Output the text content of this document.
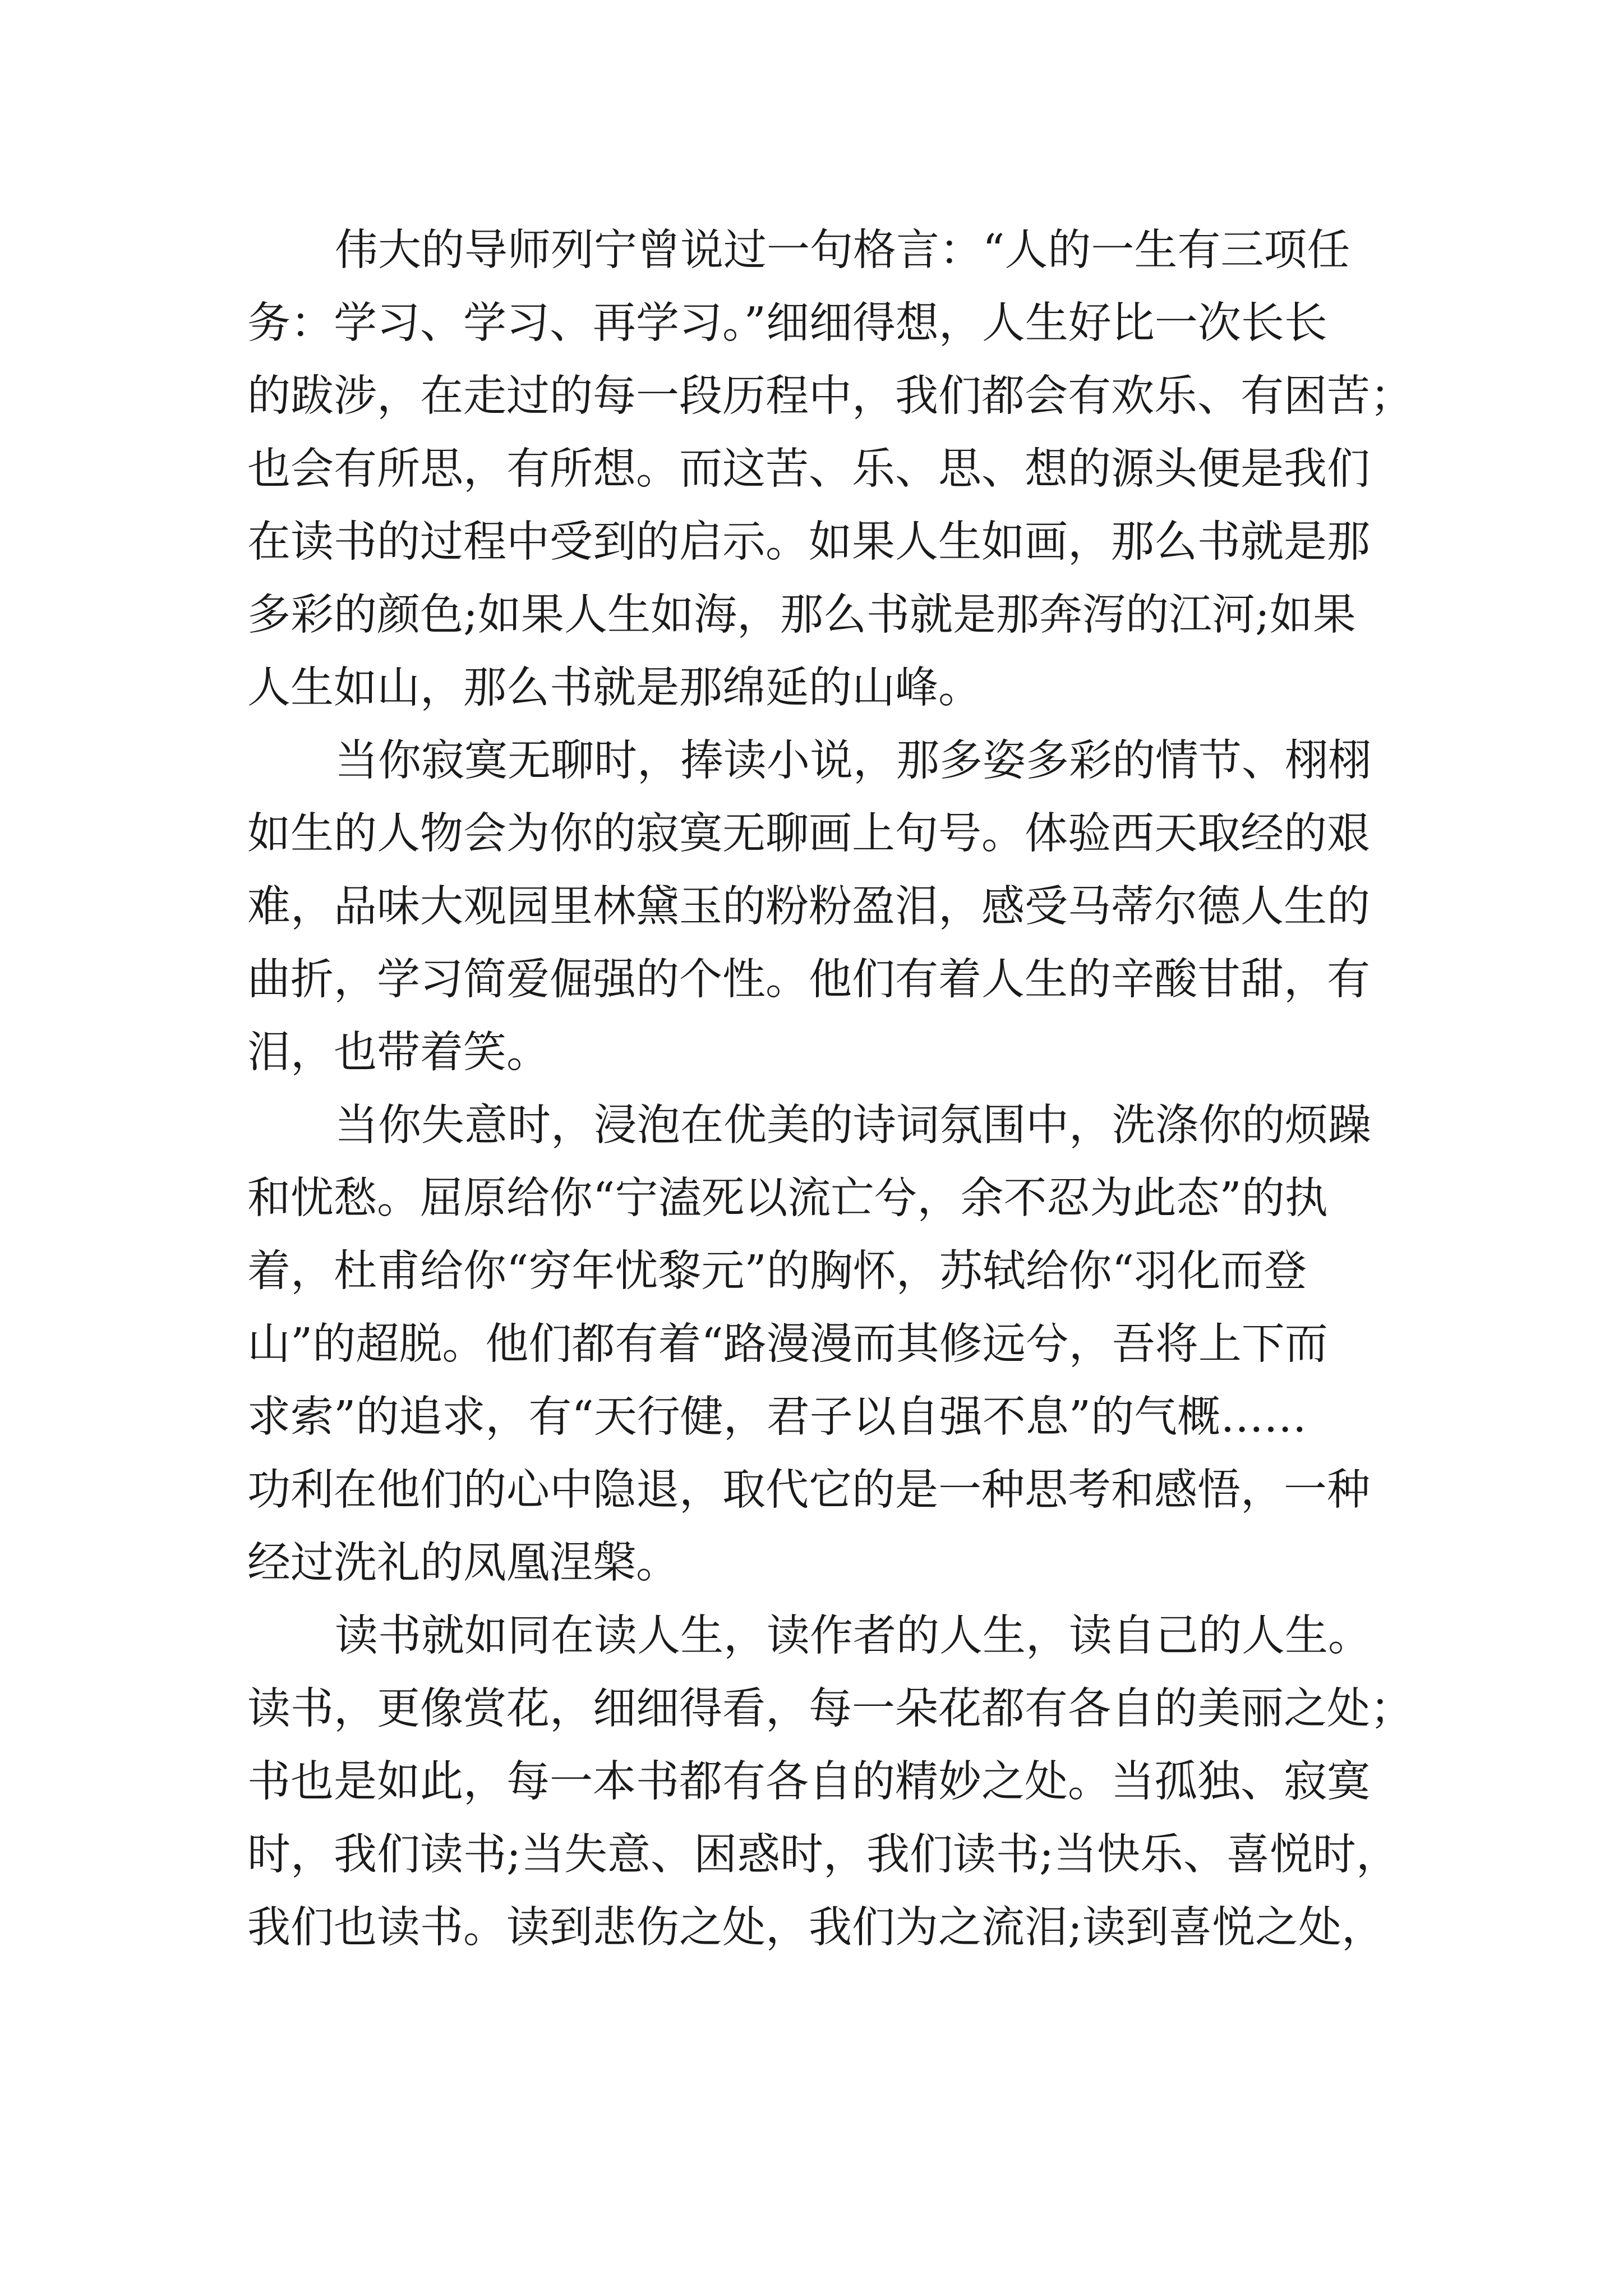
伟大的导师列宁曾说过一句格言：“人的一生有三项任
务：学习、学习、再学习。”细细得想，人生好比一次长长
的跋涉，在走过的每一段历程中，我们都会有欢乐、有困苦；
也会有所思，有所想。而这苦、乐、思、想的源头便是我们
在读书的过程中受到的启示。如果人生如画，那么书就是那
多彩的颜色;如果人生如海，那么书就是那奔泻的江河;如果
人生如山，那么书就是那绵延的山峰。
当你寂寞无聊时，捧读小说，那多姿多彩的情节、栩栩
如生的人物会为你的寂寞无聊画上句号。体验西天取经的艰
难，品味大观园里林黛玉的粉粉盈泪，感受马蒂尔德人生的
曲折，学习简爱倔强的个性。他们有着人生的辛酸甘甜，有
泪，也带着笑。
当你失意时，浸泡在优美的诗词氛围中，洗涤你的烦躁
和忧愁。屈原给你“宁溘死以流亡兮，余不忍为此态”的执
着，杜甫给你“穷年忧黎元”的胸怀，苏轼给你“羽化而登
山”的超脱。他们都有着“路漫漫而其修远兮，吾将上下而
求索”的追求，有“天行健，君子以自强不息”的气概……
功利在他们的心中隐退，取代它的是一种思考和感悟，一种
经过洗礼的凤凰涅槃。
读书就如同在读人生，读作者的人生，读自己的人生。
读书，更像赏花，细细得看，每一朵花都有各自的美丽之处；
书也是如此，每一本书都有各自的精妙之处。当孤独、寂寞
时，我们读书;当失意、困惑时，我们读书;当快乐、喜悦时，
我们也读书。读到悲伤之处，我们为之流泪;读到喜悦之处，
